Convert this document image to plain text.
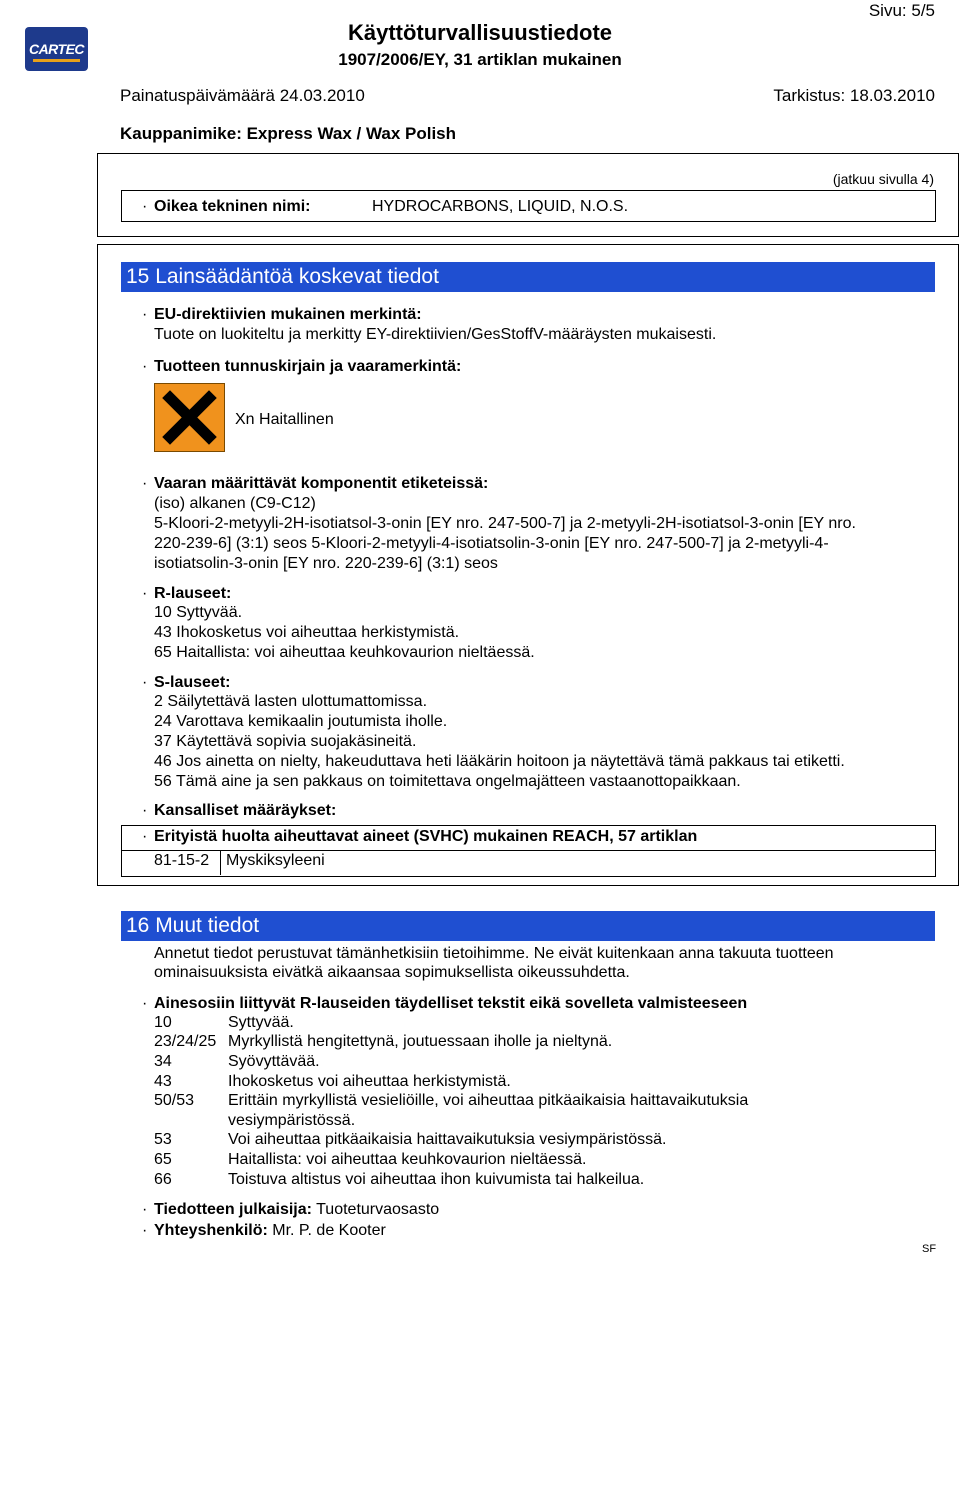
CARTEC
Käyttöturvallisuustiedote
1907/2006/EY, 31 artiklan mukainen
Sivu: 5/5
Painatuspäivämäärä 24.03.2010	Tarkistus: 18.03.2010
Kauppanimike: Express Wax / Wax Polish
(jatkuu sivulla 4)
· Oikea tekninen nimi:	HYDROCARBONS, LIQUID, N.O.S.
15 Lainsäädäntöä koskevat tiedot
· EU-direktiivien mukainen merkintä:
Tuote on luokiteltu ja merkitty EY-direktiivien/GesStoffV-määräysten mukaisesti.
· Tuotteen tunnuskirjain ja vaaramerkintä:
Xn Haitallinen
· Vaaran määrittävät komponentit etiketeissä:
(iso) alkanen (C9-C12)
5-Kloori-2-metyyli-2H-isotiatsol-3-onin [EY nro. 247-500-7] ja 2-metyyli-2H-isotiatsol-3-onin [EY nro.
220-239-6] (3:1) seos 5-Kloori-2-metyyli-4-isotiatsolin-3-onin [EY nro. 247-500-7] ja 2-metyyli-4-
isotiatsolin-3-onin [EY nro. 220-239-6] (3:1) seos
· R-lauseet:
10 Syttyvää.
43 Ihokosketus voi aiheuttaa herkistymistä.
65 Haitallista: voi aiheuttaa keuhkovaurion nieltäessä.
· S-lauseet:
2 Säilytettävä lasten ulottumattomissa.
24 Varottava kemikaalin joutumista iholle.
37 Käytettävä sopivia suojakäsineitä.
46 Jos ainetta on nielty, hakeuduttava heti lääkärin hoitoon ja näytettävä tämä pakkaus tai etiketti.
56 Tämä aine ja sen pakkaus on toimitettava ongelmajätteen vastaanottopaikkaan.
· Kansalliset määräykset:
· Erityistä huolta aiheuttavat aineet (SVHC) mukainen REACH, 57 artiklan
81-15-2 Myskiksyleeni
16 Muut tiedot
Annetut tiedot perustuvat tämänhetkisiin tietoihimme. Ne eivät kuitenkaan anna takuuta tuotteen
ominaisuuksista eivätkä aikaansaa sopimuksellista oikeussuhdetta.
· Ainesosiin liittyvät R-lauseiden täydelliset tekstit eikä sovelleta valmisteeseen
10	Syttyvää.
23/24/25 Myrkyllistä hengitettynä, joutuessaan iholle ja nieltynä.
34	Syövyttävää.
43	Ihokosketus voi aiheuttaa herkistymistä.
50/53 Erittäin myrkyllistä vesieliöille, voi aiheuttaa pitkäaikaisia haittavaikutuksia
vesiympäristössä.
53	Voi aiheuttaa pitkäaikaisia haittavaikutuksia vesiympäristössä.
65	Haitallista: voi aiheuttaa keuhkovaurion nieltäessä.
66	Toistuva altistus voi aiheuttaa ihon kuivumista tai halkeilua.
· Tiedotteen julkaisija: Tuoteturvaosasto
· Yhteyshenkilö: Mr. P. de Kooter
SF
